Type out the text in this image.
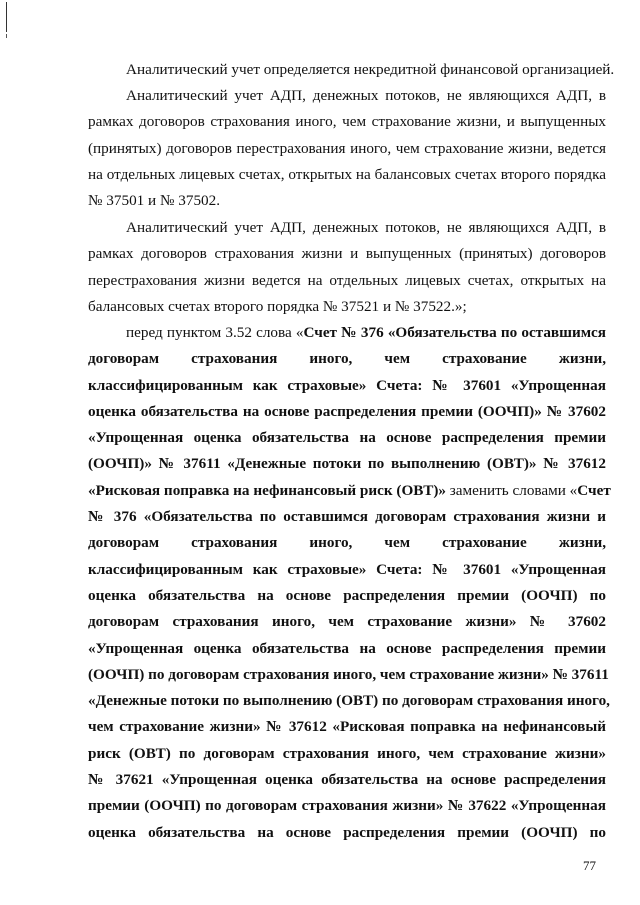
Аналитический учет определяется некредитной финансовой организацией.
Аналитический учет АДП, денежных потоков, не являющихся АДП, в
рамках договоров страхования иного, чем страхование жизни, и выпущенных
(принятых) договоров перестрахования иного, чем страхование жизни, ведется
на отдельных лицевых счетах, открытых на балансовых счетах второго порядка
№ 37501 и № 37502.
Аналитический учет АДП, денежных потоков, не являющихся АДП, в
рамках договоров страхования жизни и выпущенных (принятых) договоров
перестрахования жизни ведется на отдельных лицевых счетах, открытых на
балансовых счетах второго порядка № 37521 и № 37522.»;
перед пунктом 3.52 слова «Счет № 376 «Обязательства по оставшимся
договорам страхования иного, чем страхование жизни,
классифицированным как страховые» Счета: № 37601 «Упрощенная
оценка обязательства на основе распределения премии (ООЧП)» № 37602
«Упрощенная оценка обязательства на основе распределения премии
(ООЧП)» № 37611 «Денежные потоки по выполнению (ОВТ)» № 37612
«Рисковая поправка на нефинансовый риск (ОВТ)» заменить словами «Счет
№ 376 «Обязательства по оставшимся договорам страхования жизни и
договорам страхования иного, чем страхование жизни,
классифицированным как страховые» Счета: № 37601 «Упрощенная
оценка обязательства на основе распределения премии (ООЧП) по
договорам страхования иного, чем страхование жизни» № 37602
«Упрощенная оценка обязательства на основе распределения премии
(ООЧП) по договорам страхования иного, чем страхование жизни» № 37611
«Денежные потоки по выполнению (ОВТ) по договорам страхования иного,
чем страхование жизни» № 37612 «Рисковая поправка на нефинансовый
риск (ОВТ) по договорам страхования иного, чем страхование жизни»
№ 37621 «Упрощенная оценка обязательства на основе распределения
премии (ООЧП) по договорам страхования жизни» № 37622 «Упрощенная
оценка обязательства на основе распределения премии (ООЧП) по
77
